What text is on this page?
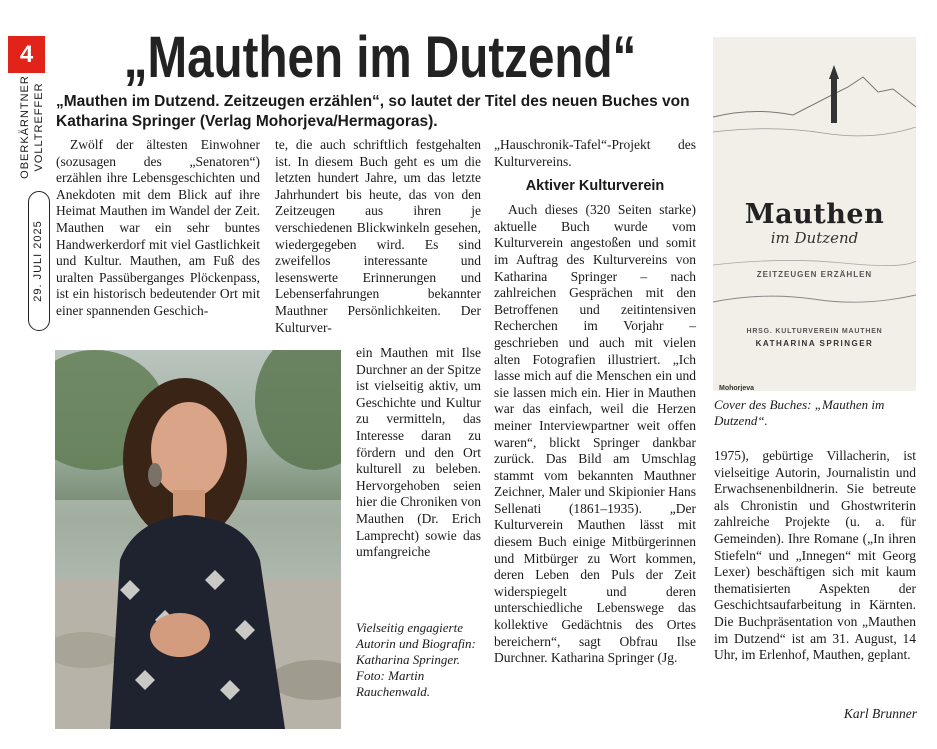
4
OBERKÄRNTNER VOLLTREFFER
29. JULI 2025
„Mauthen im Dutzend“
„Mauthen im Dutzend. Zeitzeugen erzählen“, so lautet der Titel des neuen Buches von Katharina Springer (Verlag Mohorjeva/Hermagoras).

Zwölf der ältesten Einwohner (sozusagen des „Senatoren“) erzählen ihre Lebensgeschichten und Anekdoten mit dem Blick auf ihre Heimat Mauthen im Wandel der Zeit. Mauthen war ein sehr buntes Handwerkerdorf mit viel Gastlichkeit und Kultur. Mauthen, am Fuß des uralten Passüberganges Plöckenpass, ist ein historisch bedeutender Ort mit einer spannenden Geschich-

te, die auch schriftlich festgehalten ist. In diesem Buch geht es um die letzten hundert Jahre, um das letzte Jahrhundert bis heute, das von den Zeitzeugen aus ihren je verschiedenen Blickwinkeln gesehen, wiedergegeben wird. Es sind zweifellos interessante und lesenswerte Erinnerungen und Lebenserfahrungen bekannter Mauthner Persönlichkeiten. Der Kulturver-

ein Mauthen mit Ilse Durchner an der Spitze ist vielseitig aktiv, um Geschichte und Kultur zu vermitteln, das Interesse daran zu fördern und den Ort kulturell zu beleben. Hervorgehoben seien hier die Chroniken von Mauthen (Dr. Erich Lamprecht) sowie das umfangreiche

Vielseitig engagierte Autorin und Biografin: Katharina Springer. Foto: Martin Rauchenwald.

„Hauschronik-Tafel“-Projekt des Kulturvereins.

Aktiver Kulturverein

Auch dieses (320 Seiten starke) aktuelle Buch wurde vom Kulturverein angestoßen und somit im Auftrag des Kulturvereins von Katharina Springer – nach zahlreichen Gesprächen mit den Betroffenen und zeitintensiven Recherchen im Vorjahr – geschrieben und auch mit vielen alten Fotografien illustriert. „Ich lasse mich auf die Menschen ein und sie lassen mich ein. Hier in Mauthen war das einfach, weil die Herzen meiner Interviewpartner weit offen waren“, blickt Springer dankbar zurück. Das Bild am Umschlag stammt vom bekannten Mauthner Zeichner, Maler und Skipionier Hans Sellenati (1861–1935). „Der Kulturverein Mauthen lässt mit diesem Buch einige Mitbürgerinnen und Mitbürger zu Wort kommen, deren Leben den Puls der Zeit widerspiegelt und deren unterschiedliche Lebenswege das kollektive Gedächtnis des Ortes bereichern“, sagt Obfrau Ilse Durchner. Katharina Springer (Jg.

1975), gebürtige Villacherin, ist vielseitige Autorin, Journalistin und Erwachsenenbildnerin. Sie betreute als Chronistin und Ghostwriterin zahlreiche Projekte (u. a. für Gemeinden). Ihre Romane („In ihren Stiefeln“ und „Innegen“ mit Georg Lexer) beschäftigen sich mit kaum thematisierten Aspekten der Geschichtsaufarbeitung in Kärnten. Die Buchpräsentation von „Mauthen im Dutzend“ ist am 31. August, 14 Uhr, im Erlenhof, Mauthen, geplant.

Karl Brunner
Mauthen
im Dutzend
ZEITZEUGEN ERZÄHLEN
HRSG. KULTURVEREIN MAUTHEN
KATHARINA SPRINGER
Mohorjeva
Cover des Buches: „Mauthen im Dutzend“.
